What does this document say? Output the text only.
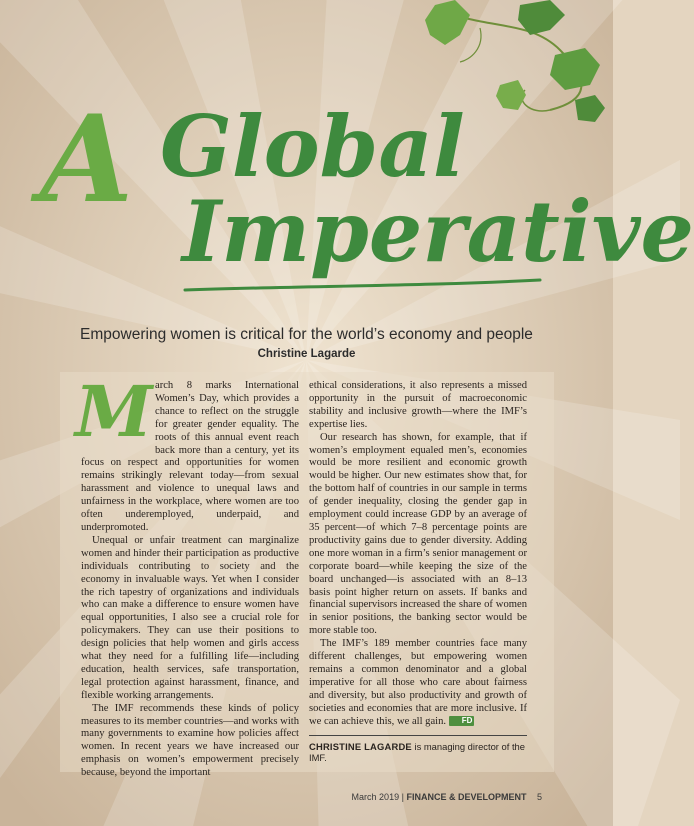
A Global
Imperative
Empowering women is critical for the world’s economy and people
Christine Lagarde
M arch 8 marks International Women’s Day, which provides a chance to reflect on the struggle for greater gender equality. The roots of this annual event reach back more than a century, yet its focus on respect and opportunities for women remains strikingly relevant today—from sexual harassment and violence to unequal laws and unfairness in the workplace, where women are too often underemployed, underpaid, and underpromoted.

Unequal or unfair treatment can marginalize women and hinder their participation as productive individuals contributing to society and the economy in invaluable ways. Yet when I consider the rich tapestry of organizations and individuals who can make a difference to ensure women have equal opportunities, I also see a crucial role for policymakers. They can use their positions to design policies that help women and girls access what they need for a fulfilling life—including education, health services, safe transportation, legal protection against harassment, finance, and flexible working arrangements.

The IMF recommends these kinds of policy measures to its member countries—and works with many governments to examine how policies affect women. In recent years we have increased our emphasis on women’s empowerment precisely because, beyond the important

ethical considerations, it also represents a missed opportunity in the pursuit of macroeconomic stability and inclusive growth—where the IMF’s expertise lies.

Our research has shown, for example, that if women’s employment equaled men’s, economies would be more resilient and economic growth would be higher. Our new estimates show that, for the bottom half of countries in our sample in terms of gender inequality, closing the gender gap in employment could increase GDP by an average of 35 percent—of which 7–8 percentage points are productivity gains due to gender diversity. Adding one more woman in a firm’s senior management or corporate board—while keeping the size of the board unchanged—is associated with an 8–13 basis point higher return on assets. If banks and financial supervisors increased the share of women in senior positions, the banking sector would be more stable too.

The IMF’s 189 member countries face many different challenges, but empowering women remains a common denominator and a global imperative for all those who care about fairness and diversity, but also productivity and growth of societies and economies that are more inclusive. If we can achieve this, we all gain. FD

CHRISTINE LAGARDE is managing director of the IMF.
March 2019 | FINANCE & DEVELOPMENT 5
